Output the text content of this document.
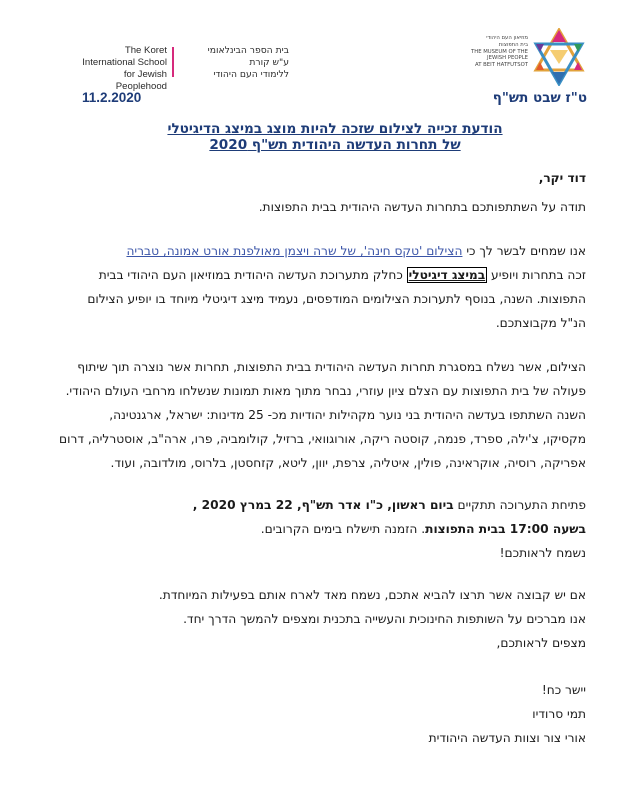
The Koret
International School
for Jewish Peoplehood
בית הספר הבינלאומי
ע"ש קורת
ללימודי העם היהודי
מוזיאון העם היהודי
בית התפוצות
THE MUSEUM OF THE
JEWISH PEOPLE
AT BEIT HATFUTSOT
11.2.2020	ט"ז שבט תש"ף
הודעת זכייה לצילום שזכה להיות מוצג במיצג הדיגיטלי
של תחרות העדשה היהודית תש"ף 2020
דוד יקר,
תודה על השתתפותכם בתחרות העדשה היהודית בבית התפוצות.
אנו שמחים לבשר לך כי הצילום 'טקס חינה', של שרה ויצמן מאולפנת אורט אמונה, טבריה
זכה בתחרות ויופיע במיצג דיגיטלי כחלק מתערוכת העדשה היהודית במוזיאון העם היהודי בבית
התפוצות. השנה, בנוסף לתערוכת הצילומים המודפסים, נעמיד מיצג דיגיטלי מיוחד בו יופיע הצילום
הנ"ל מקבוצתכם.
הצילום, אשר נשלח במסגרת תחרות העדשה היהודית בבית התפוצות, תחרות אשר נוצרה תוך שיתוף
פעולה של בית התפוצות עם הצלם ציון עוזרי, נבחר מתוך מאות תמונות שנשלחו מרחבי העולם היהודי.
השנה השתתפו בעדשה היהודית בני נוער מקהילות יהודיות מכ- 25 מדינות: ישראל, ארגנטינה,
מקסיקו, צ'ילה, ספרד, פנמה, קוסטה ריקה, אורוגוואי, ברזיל, קולומביה, פרו, ארה"ב, אוסטרליה, דרום
אפריקה, רוסיה, אוקראינה, פולין, איטליה, צרפת, יוון, ליטא, קזחסטן, בלרוס, מולדובה, ועוד.
פתיחת התערוכה תתקיים ביום ראשון, כ"ו אדר תש"ף, 22 במרץ 2020 ,
בשעה 17:00 בבית התפוצות. הזמנה תישלח בימים הקרובים.
נשמח לראותכם!
אם יש קבוצה אשר תרצו להביא אתכם, נשמח מאד לארח אותם בפעילות המיוחדת.
אנו מברכים על השותפות החינוכית והעשייה בתכנית ומצפים להמשך הדרך יחד.
מצפים לראותכם,
יישר כח!
תמי סרודיו
אורי צור וצוות העדשה היהודית
